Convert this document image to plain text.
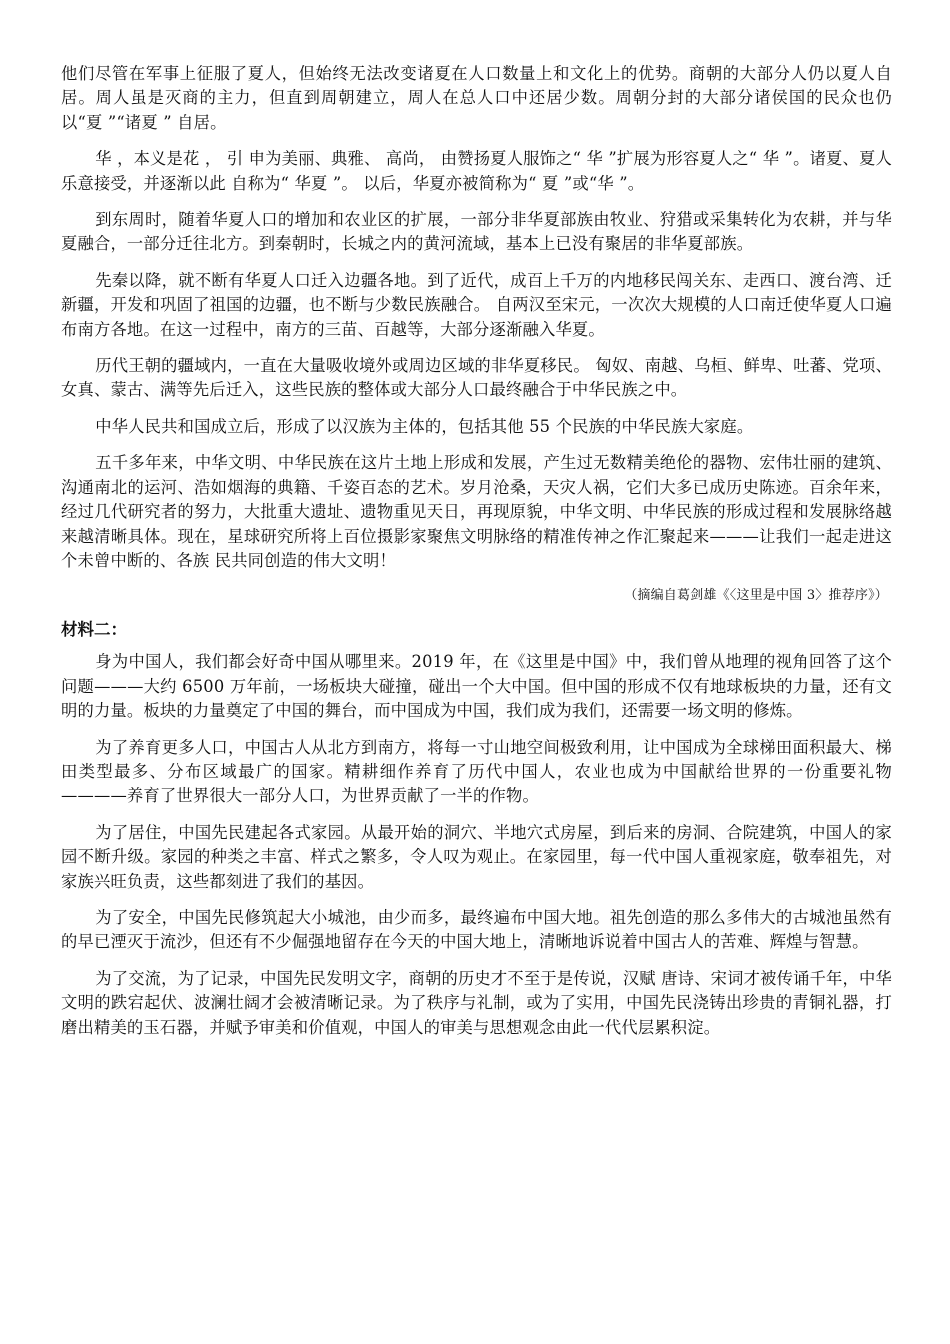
他们尽管在军事上征服了夏人，但始终无法改变诸夏在人口数量上和文化上的优势。商朝的大部分人仍以夏人自居。周人虽是灭商的主力，但直到周朝建立，周人在总人口中还居少数。周朝分封的大部分诸侯国的民众也仍以“夏 ”“诸夏 ” 自居。

华 ，本义是花 ， 引 申为美丽、典雅、 高尚， 由赞扬夏人服饰之“ 华 ”扩展为形容夏人之“ 华 ”。诸夏、夏人乐意接受，并逐渐以此 自称为“ 华夏 ”。 以后，华夏亦被简称为“ 夏 ”或“华 ”。

到东周时，随着华夏人口的增加和农业区的扩展，一部分非华夏部族由牧业、狩猎或采集转化为农耕，并与华夏融合，一部分迁往北方。到秦朝时，长城之内的黄河流域，基本上已没有聚居的非华夏部族。

先秦以降，就不断有华夏人口迁入边疆各地。到了近代，成百上千万的内地移民闯关东、走西口、渡台湾、迁新疆，开发和巩固了祖国的边疆，也不断与少数民族融合。 自两汉至宋元，一次次大规模的人口南迁使华夏人口遍布南方各地。在这一过程中，南方的三苗、百越等，大部分逐渐融入华夏。

历代王朝的疆域内，一直在大量吸收境外或周边区域的非华夏移民。 匈奴、南越、乌桓、鲜卑、吐蕃、党项、女真、蒙古、满等先后迁入，这些民族的整体或大部分人口最终融合于中华民族之中。

中华人民共和国成立后，形成了以汉族为主体的，包括其他 55 个民族的中华民族大家庭。

五千多年来，中华文明、中华民族在这片土地上形成和发展，产生过无数精美绝伦的器物、宏伟壮丽的建筑、沟通南北的运河、浩如烟海的典籍、千姿百态的艺术。岁月沧桑，天灾人祸，它们大多已成历史陈迹。百余年来，经过几代研究者的努力，大批重大遗址、遗物重见天日，再现原貌，中华文明、中华民族的形成过程和发展脉络越来越清晰具体。现在，星球研究所将上百位摄影家聚焦文明脉络的精准传神之作汇聚起来———让我们一起走进这个未曾中断的、各族 民共同创造的伟大文明！

（摘编自葛剑雄《〈这里是中国 3〉推荐序》）

材料二：

身为中国人，我们都会好奇中国从哪里来。2019 年，在《这里是中国》中，我们曾从地理的视角回答了这个问题———大约 6500 万年前，一场板块大碰撞，碰出一个大中国。但中国的形成不仅有地球板块的力量，还有文明的力量。板块的力量奠定了中国的舞台，而中国成为中国，我们成为我们，还需要一场文明的修炼。

为了养育更多人口，中国古人从北方到南方，将每一寸山地空间极致利用，让中国成为全球梯田面积最大、梯田类型最多、分布区域最广的国家。精耕细作养育了历代中国人，农业也成为中国献给世界的一份重要礼物————养育了世界很大一部分人口，为世界贡献了一半的作物。

为了居住，中国先民建起各式家园。从最开始的洞穴、半地穴式房屋，到后来的房洞、合院建筑，中国人的家园不断升级。家园的种类之丰富、样式之繁多，令人叹为观止。在家园里，每一代中国人重视家庭，敬奉祖先，对家族兴旺负责，这些都刻进了我们的基因。

为了安全，中国先民修筑起大小城池，由少而多，最终遍布中国大地。祖先创造的那么多伟大的古城池虽然有的早已湮灭于流沙，但还有不少倔强地留存在今天的中国大地上，清晰地诉说着中国古人的苦难、辉煌与智慧。

为了交流，为了记录，中国先民发明文字，商朝的历史才不至于是传说，汉赋 唐诗、宋词才被传诵千年，中华文明的跌宕起伏、波澜壮阔才会被清晰记录。为了秩序与礼制，或为了实用，中国先民浇铸出珍贵的青铜礼器，打磨出精美的玉石器，并赋予审美和价值观，中国人的审美与思想观念由此一代代层累积淀。
